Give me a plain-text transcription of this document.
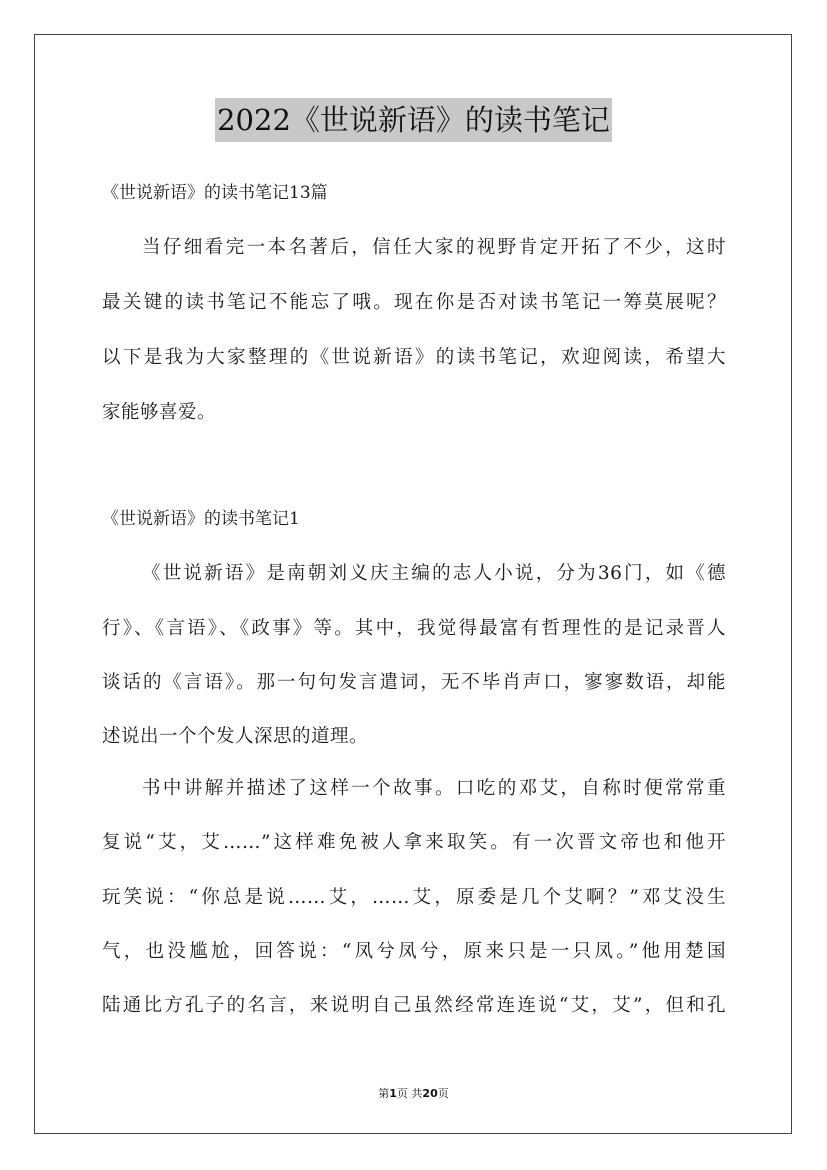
2022《世说新语》的读书笔记

《世说新语》的读书笔记13篇

当仔细看完一本名著后，信任大家的视野肯定开拓了不少，这时

最关键的读书笔记不能忘了哦。现在你是否对读书笔记一筹莫展呢？

以下是我为大家整理的《世说新语》的读书笔记，欢迎阅读，希望大

家能够喜爱。

《世说新语》的读书笔记1

《世说新语》是南朝刘义庆主编的志人小说，分为36门，如《德

行》、《言语》、《政事》等。其中，我觉得最富有哲理性的是记录晋人

谈话的《言语》。那一句句发言遣词，无不毕肖声口，寥寥数语，却能

述说出一个个发人深思的道理。

书中讲解并描述了这样一个故事。口吃的邓艾，自称时便常常重

复说“艾，艾……”这样难免被人拿来取笑。有一次晋文帝也和他开

玩笑说：“你总是说……艾，……艾，原委是几个艾啊？”邓艾没生

气，也没尴尬，回答说：“凤兮凤兮，原来只是一只凤。”他用楚国

陆通比方孔子的名言，来说明自己虽然经常连连说“艾，艾”，但和孔

第1页 共20页
